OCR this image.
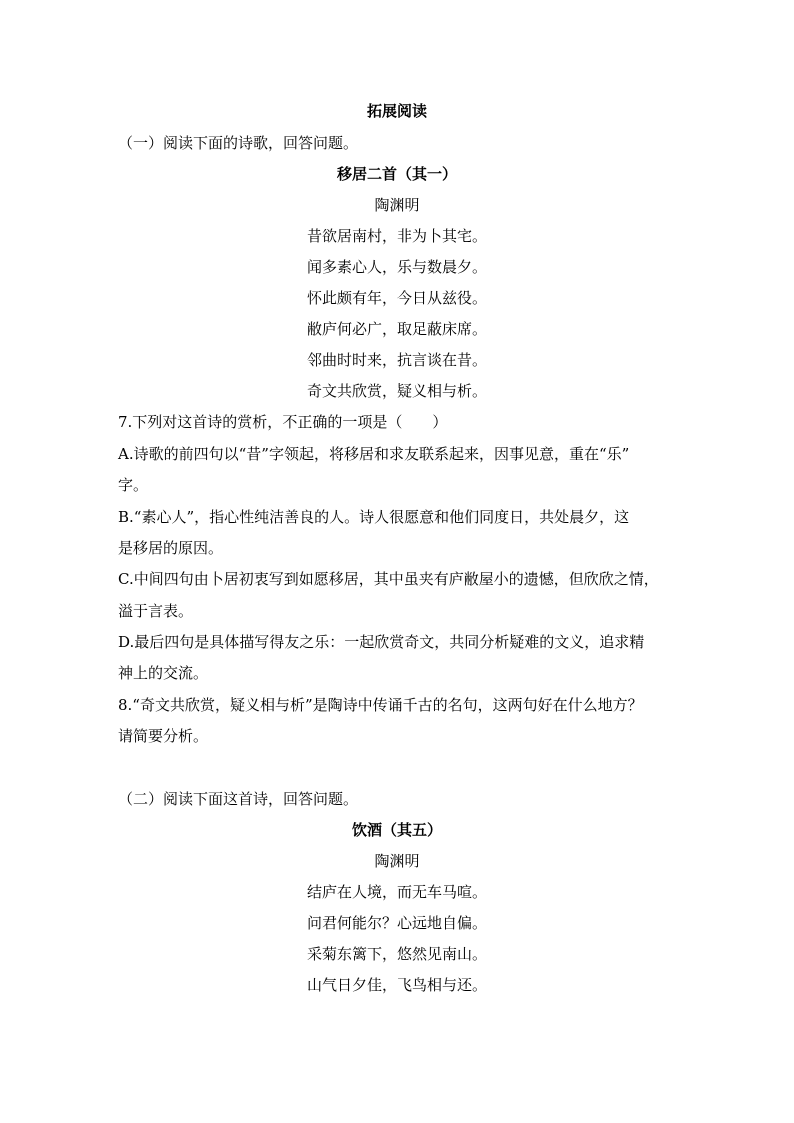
拓展阅读
（一）阅读下面的诗歌，回答问题。
移居二首（其一）
陶渊明
昔欲居南村，非为卜其宅。
闻多素心人，乐与数晨夕。
怀此颇有年，今日从兹役。
敝庐何必广，取足蔽床席。
邻曲时时来，抗言谈在昔。
奇文共欣赏，疑义相与析。
7.下列对这首诗的赏析，不正确的一项是（　　）
A.诗歌的前四句以“昔”字领起，将移居和求友联系起来，因事见意，重在“乐”
字。
B.“素心人”，指心性纯洁善良的人。诗人很愿意和他们同度日，共处晨夕，这
是移居的原因。
C.中间四句由卜居初衷写到如愿移居，其中虽夹有庐敝屋小的遗憾，但欣欣之情，
溢于言表。
D.最后四句是具体描写得友之乐：一起欣赏奇文，共同分析疑难的文义，追求精
神上的交流。
8.“奇文共欣赏，疑义相与析”是陶诗中传诵千古的名句，这两句好在什么地方？
请简要分析。
（二）阅读下面这首诗，回答问题。
饮酒（其五）
陶渊明
结庐在人境，而无车马喧。
问君何能尔？心远地自偏。
采菊东篱下，悠然见南山。
山气日夕佳，飞鸟相与还。
